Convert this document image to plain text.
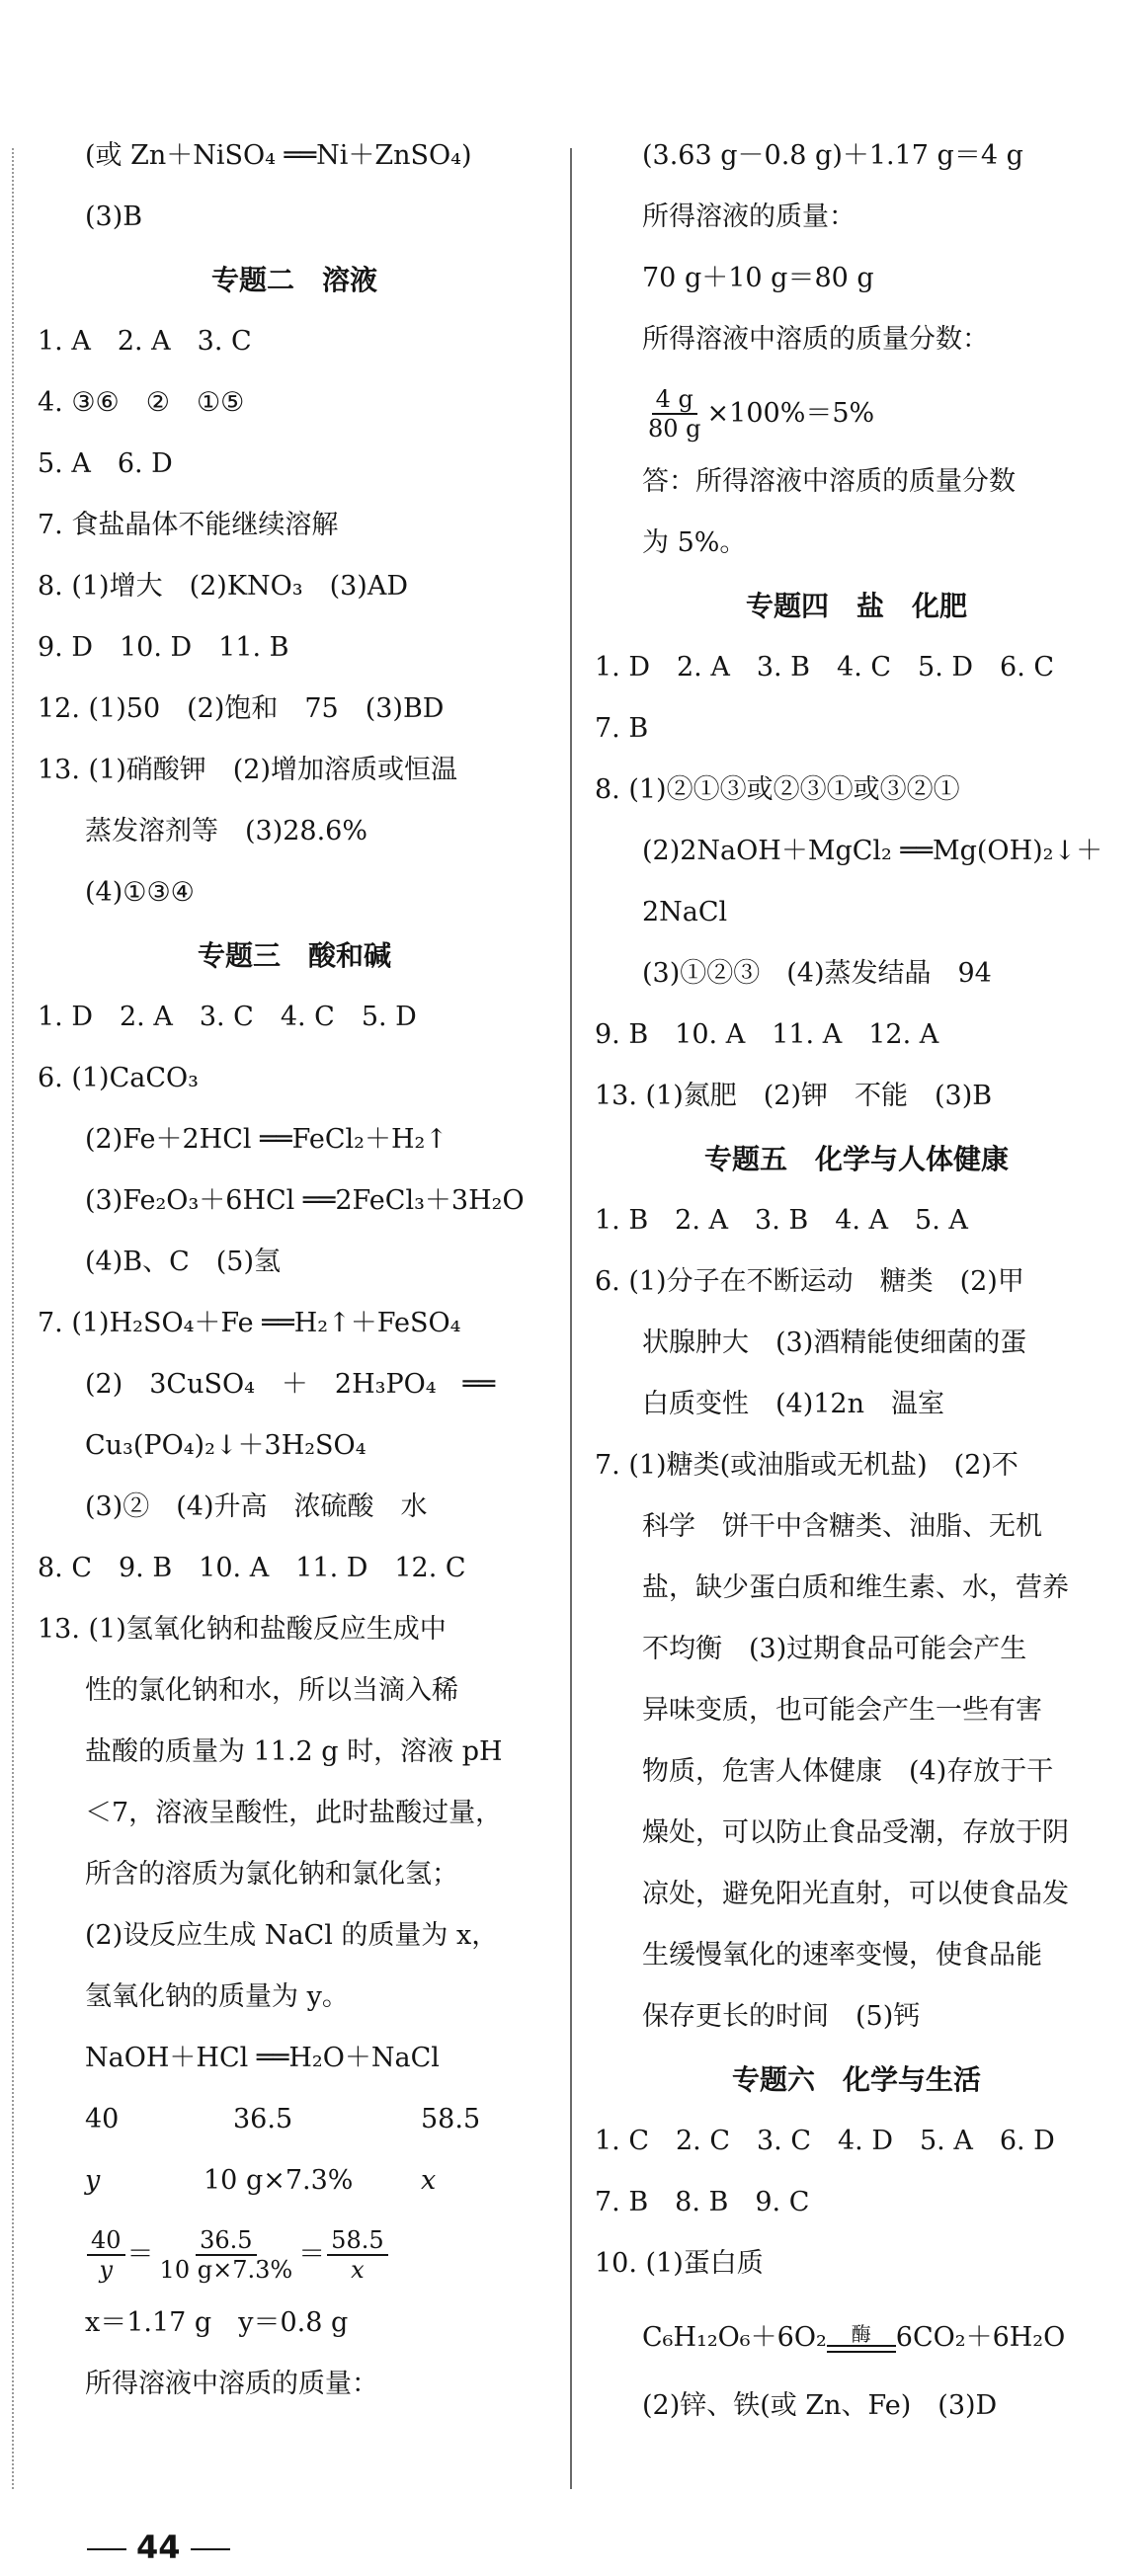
(或 Zn＋NiSO₄ ══Ni＋ZnSO₄)
(3)B
专题二　溶液
1. A　2. A　3. C
4. ③⑥　②　①⑤
5. A　6. D
7. 食盐晶体不能继续溶解
8. (1)增大　(2)KNO₃　(3)AD
9. D　10. D　11. B
12. (1)50　(2)饱和　75　(3)BD
13. (1)硝酸钾　(2)增加溶质或恒温
蒸发溶剂等　(3)28.6%
(4)①③④
专题三　酸和碱
1. D　2. A　3. C　4. C　5. D
6. (1)CaCO₃
(2)Fe＋2HCl ══FeCl₂＋H₂↑
(3)Fe₂O₃＋6HCl ══2FeCl₃＋3H₂O
(4)B、C　(5)氢
7. (1)H₂SO₄＋Fe ══H₂↑＋FeSO₄
(2)　3CuSO₄　＋　2H₃PO₄　══
Cu₃(PO₄)₂↓＋3H₂SO₄
(3)②　(4)升高　浓硫酸　水
8. C　9. B　10. A　11. D　12. C
13. (1)氢氧化钠和盐酸反应生成中
性的氯化钠和水，所以当滴入稀
盐酸的质量为 11.2 g 时，溶液 pH
＜7，溶液呈酸性，此时盐酸过量，
所含的溶质为氯化钠和氯化氢；
(2)设反应生成 NaCl 的质量为 x，
氢氧化钠的质量为 y。
NaOH＋HCl ══H₂O＋NaCl
40	36.5	58.5
y	10 g×7.3%	x
$\frac{40}{y} = \frac{36.5}{10 g\times 7.3\%} = \frac{58.5}{x}$
x＝1.17 g　y＝0.8 g
所得溶液中溶质的质量：
(3.63 g－0.8 g)＋1.17 g＝4 g
所得溶液的质量：
70 g＋10 g＝80 g
所得溶液中溶质的质量分数：
$\frac{4 g}{80 g} \times 100\%=5\%$
答：所得溶液中溶质的质量分数
为 5%。
专题四　盐　化肥
1. D　2. A　3. B　4. C　5. D　6. C
7. B
8. (1)②①③或②③①或③②①
(2)2NaOH＋MgCl₂ ══Mg(OH)₂↓＋
2NaCl
(3)①②③　(4)蒸发结晶　94
9. B　10. A　11. A　12. A
13. (1)氮肥　(2)钾　不能　(3)B
专题五　化学与人体健康
1. B　2. A　3. B　4. A　5. A
6. (1)分子在不断运动　糖类　(2)甲
状腺肿大　(3)酒精能使细菌的蛋
白质变性　(4)12n　温室
7. (1)糖类(或油脂或无机盐)　(2)不
科学　饼干中含糖类、油脂、无机
盐，缺少蛋白质和维生素、水，营养
不均衡　(3)过期食品可能会产生
异味变质，也可能会产生一些有害
物质，危害人体健康　(4)存放于干
燥处，可以防止食品受潮，存放于阴
凉处，避免阳光直射，可以使食品发
生缓慢氧化的速率变慢，使食品能
保存更长的时间　(5)钙
专题六　化学与生活
1. C　2. C　3. C　4. D　5. A　6. D
7. B　8. B　9. C
10. (1)蛋白质
C₆H₁₂O₆＋6O₂ 酶 6CO₂＋6H₂O
(2)锌、铁(或 Zn、Fe)　(3)D
44
